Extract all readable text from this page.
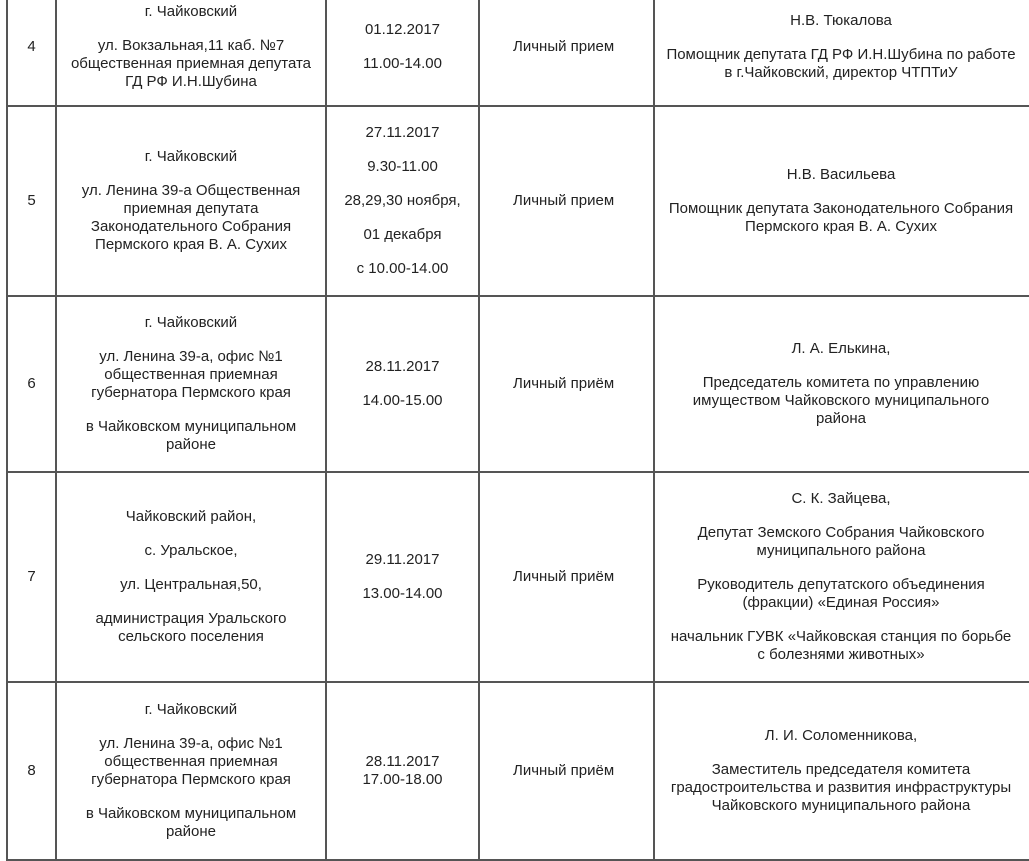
4

г. Чайковский

ул. Вокзальная,11 каб. №7
общественная приемная депутата
ГД РФ И.Н.Шубина

01.12.2017

11.00-14.00

Личный прием

Н.В. Тюкалова

Помощник депутата ГД РФ И.Н.Шубина по работе
в г.Чайковский, директор ЧТПТиУ

5

г. Чайковский

ул. Ленина 39-а Общественная
приемная депутата
Законодательного Собрания
Пермского края В. А. Сухих

27.11.2017

9.30-11.00

28,29,30 ноября,

01 декабря

с 10.00-14.00

Личный прием

Н.В. Васильева

Помощник депутата Законодательного Собрания
Пермского края В. А. Сухих

6

г. Чайковский

ул. Ленина 39-а, офис №1
общественная приемная
губернатора Пермского края

в Чайковском муниципальном
районе

28.11.2017

14.00-15.00

Личный приём

Л. А. Елькина,

Председатель комитета по управлению
имуществом Чайковского муниципального
района

7

Чайковский район,

с. Уральское,

ул. Центральная,50,

администрация Уральского
сельского поселения

29.11.2017

13.00-14.00

Личный приём

С. К. Зайцева,

Депутат Земского Собрания Чайковского
муниципального района

Руководитель депутатского объединения
(фракции) «Единая Россия»

начальник ГУВК «Чайковская станция по борьбе
с болезнями животных»

8

г. Чайковский

ул. Ленина 39-а, офис №1
общественная приемная
губернатора Пермского края

в Чайковском муниципальном
районе

28.11.2017
17.00-18.00

Личный приём

Л. И. Соломенникова,

Заместитель председателя комитета
градостроительства и развития инфраструктуры
Чайковского муниципального района
